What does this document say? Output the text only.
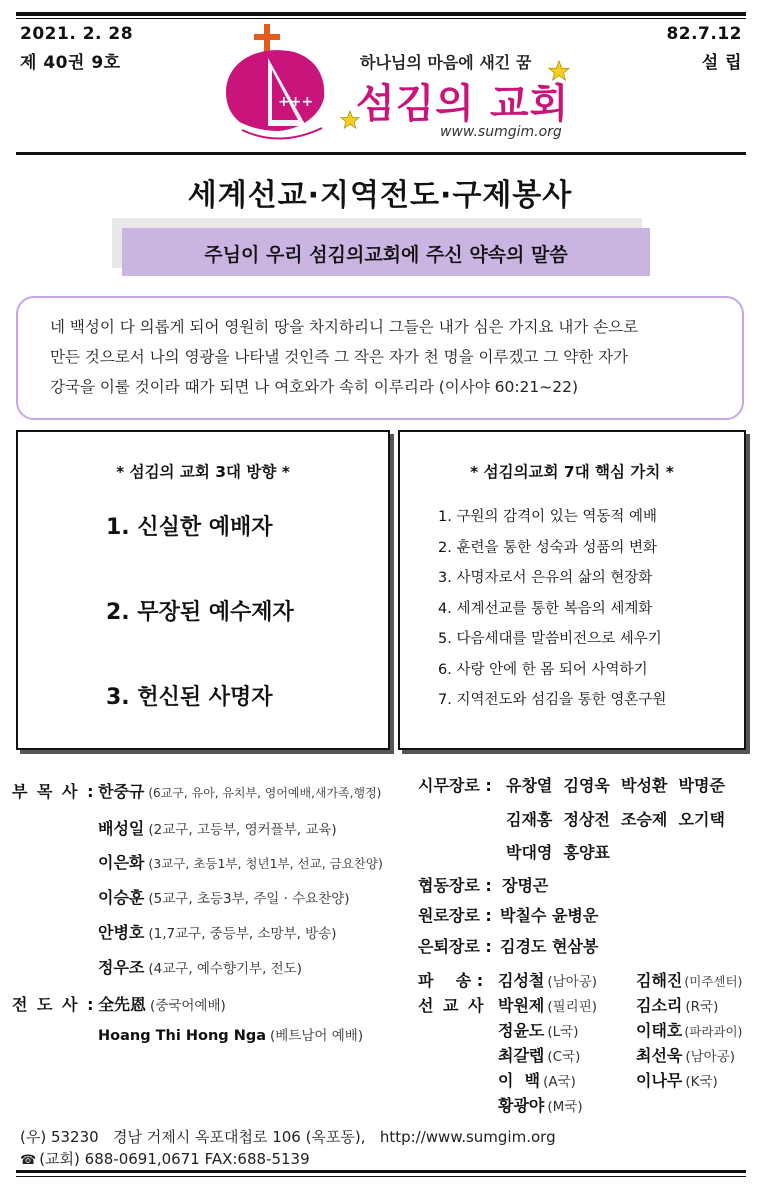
2021. 2. 28
제 40권 9호
82.7.12
설 립
+++
하나님의 마음에 새긴 꿈
섬김의 교회
www.sumgim.org
세계선교·지역전도·구제봉사
주님이 우리 섬김의교회에 주신 약속의 말씀
네 백성이 다 의롭게 되어 영원히 땅을 차지하리니 그들은 내가 심은 가지요 내가 손으로
만든 것으로서 나의 영광을 나타낼 것인즉 그 작은 자가 천 명을 이루겠고 그 약한 자가
강국을 이룰 것이라 때가 되면 나 여호와가 속히 이루리라 (이사야 60:21~22)
* 섬김의 교회 3대 방향 *
1. 신실한 예배자
2. 무장된 예수제자
3. 헌신된 사명자
* 섬김의교회 7대 핵심 가치 *
1. 구원의 감격이 있는 역동적 예배
2. 훈련을 통한 성숙과 성품의 변화
3. 사명자로서 은유의 삶의 현장화
4. 세계선교를 통한 복음의 세계화
5. 다음세대를 말씀비전으로 세우기
6. 사랑 안에 한 몸 되어 사역하기
7. 지역전도와 섬김을 통한 영혼구원
부 목 사 : 한중규 (6교구, 유아, 유치부, 영어예배,새가족,행정)
배성일 (2교구, 고등부, 영커플부, 교육)
이은화 (3교구, 초등1부, 청년1부, 선교, 금요찬양)
이승훈 (5교구, 초등3부, 주일 · 수요찬양)
안병호 (1,7교구, 중등부, 소망부, 방송)
정우조 (4교구, 예수향기부, 전도)
전 도 사 : 全先恩 (중국어예배)
Hoang Thi Hong Nga (베트남어 예배)
시무장로 : 유창열  김영욱  박성환  박명준
김재홍  정상전  조승제  오기택
박대영  홍양표
협동장로 : 장명곤
원로장로 : 박칠수 윤병운
은퇴장로 : 김경도 현삼봉
파    송 :
선 교 사
김성철 (남아공)
박원제 (필리핀)
정윤도 (L국)
최갈렙 (C국)
이  백 (A국)
황광야 (M국)
김해진 (미주센터)
김소리 (R국)
이태호 (파라과이)
최선욱 (남아공)
이나무 (K국)
(우) 53230   경남 거제시 옥포대첩로 106 (옥포동),   http://www.sumgim.org
☎ (교회) 688-0691,0671 FAX:688-5139
